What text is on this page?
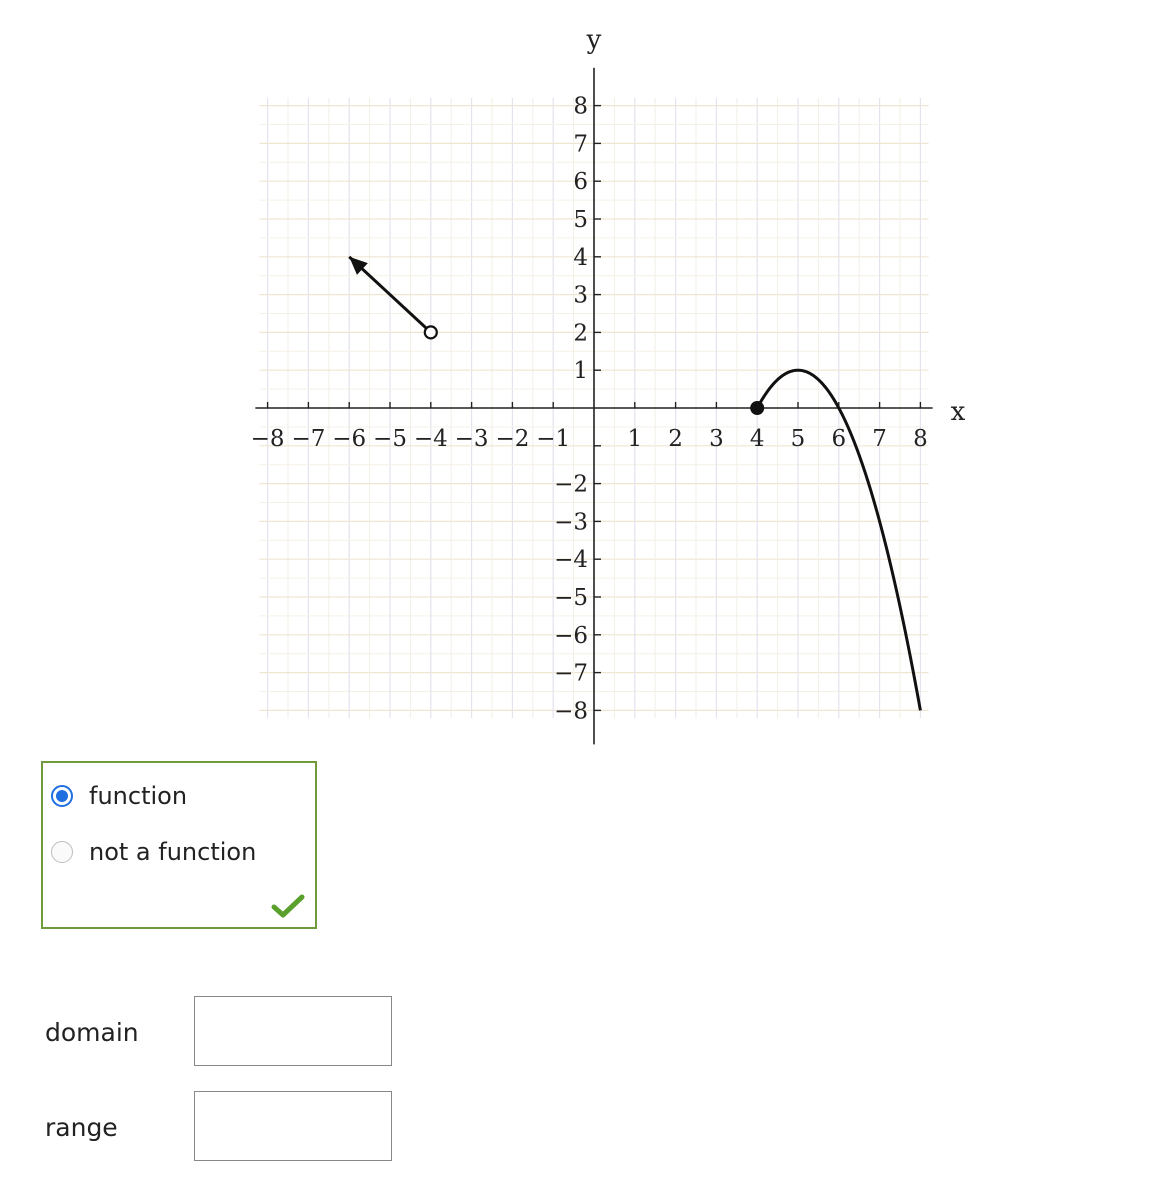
−8 −7 −6 −5 −4 −3 −2 −1 1 2 3 4 5 6 7 8
8
7
6
5
4
3
2
1
−2
−3
−4
−5
−6
−7
−8
y
x
function
not a function
domain
range
